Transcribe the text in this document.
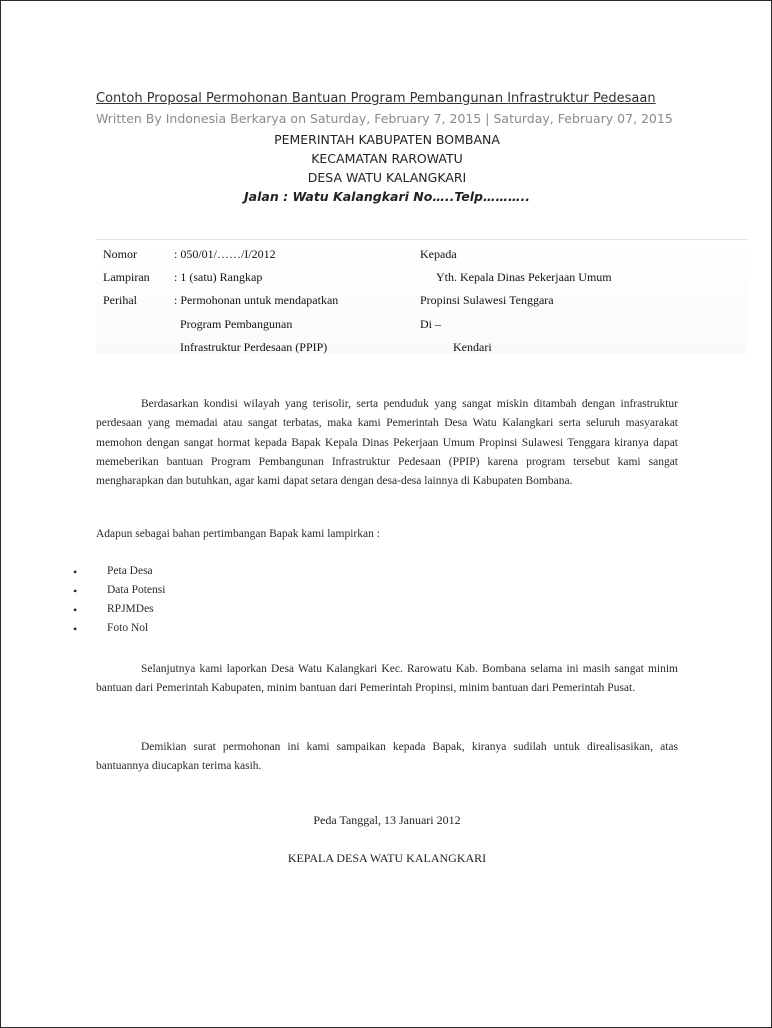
Contoh Proposal Permohonan Bantuan Program Pembangunan Infrastruktur Pedesaan
Written By Indonesia Berkarya on Saturday, February 7, 2015 | Saturday, February 07, 2015
PEMERINTAH KABUPATEN BOMBANA
KECAMATAN RAROWATU
DESA WATU KALANGKARI
Jalan : Watu Kalangkari No…..Telp………..
Nomor	: 050/01/……/I/2012	Kepada
Lampiran : 1 (satu) Rangkap	Yth. Kepala Dinas Pekerjaan Umum
Perihal	: Permohonan untuk mendapatkan	Propinsi Sulawesi Tenggara
Program Pembangunan	Di –
Infrastruktur Perdesaan (PPIP)	Kendari
Berdasarkan kondisi wilayah yang terisolir, serta penduduk yang sangat miskin ditambah dengan infrastruktur perdesaan yang memadai atau sangat terbatas, maka kami Pemerintah Desa Watu Kalangkari serta seluruh masyarakat memohon dengan sangat hormat kepada Bapak Kepala Dinas Pekerjaan Umum Propinsi Sulawesi Tenggara kiranya dapat memeberikan bantuan Program Pembangunan Infrastruktur Pedesaan (PPIP) karena program tersebut kami sangat mengharapkan dan butuhkan, agar kami dapat setara dengan desa-desa lainnya di Kabupaten Bombana.
Adapun sebagai bahan pertimbangan Bapak kami lampirkan :
•	Peta Desa
•	Data Potensi
•	RPJMDes
•	Foto Nol
Selanjutnya kami laporkan Desa Watu Kalangkari Kec. Rarowatu Kab. Bombana selama ini masih sangat minim bantuan dari Pemerintah Kabupaten, minim bantuan dari Pemerintah Propinsi, minim bantuan dari Pemerintah Pusat.
Demikian surat permohonan ini kami sampaikan kepada Bapak, kiranya sudilah untuk direalisasikan, atas bantuannya diucapkan terima kasih.
Peda Tanggal, 13 Januari 2012
KEPALA DESA WATU KALANGKARI
